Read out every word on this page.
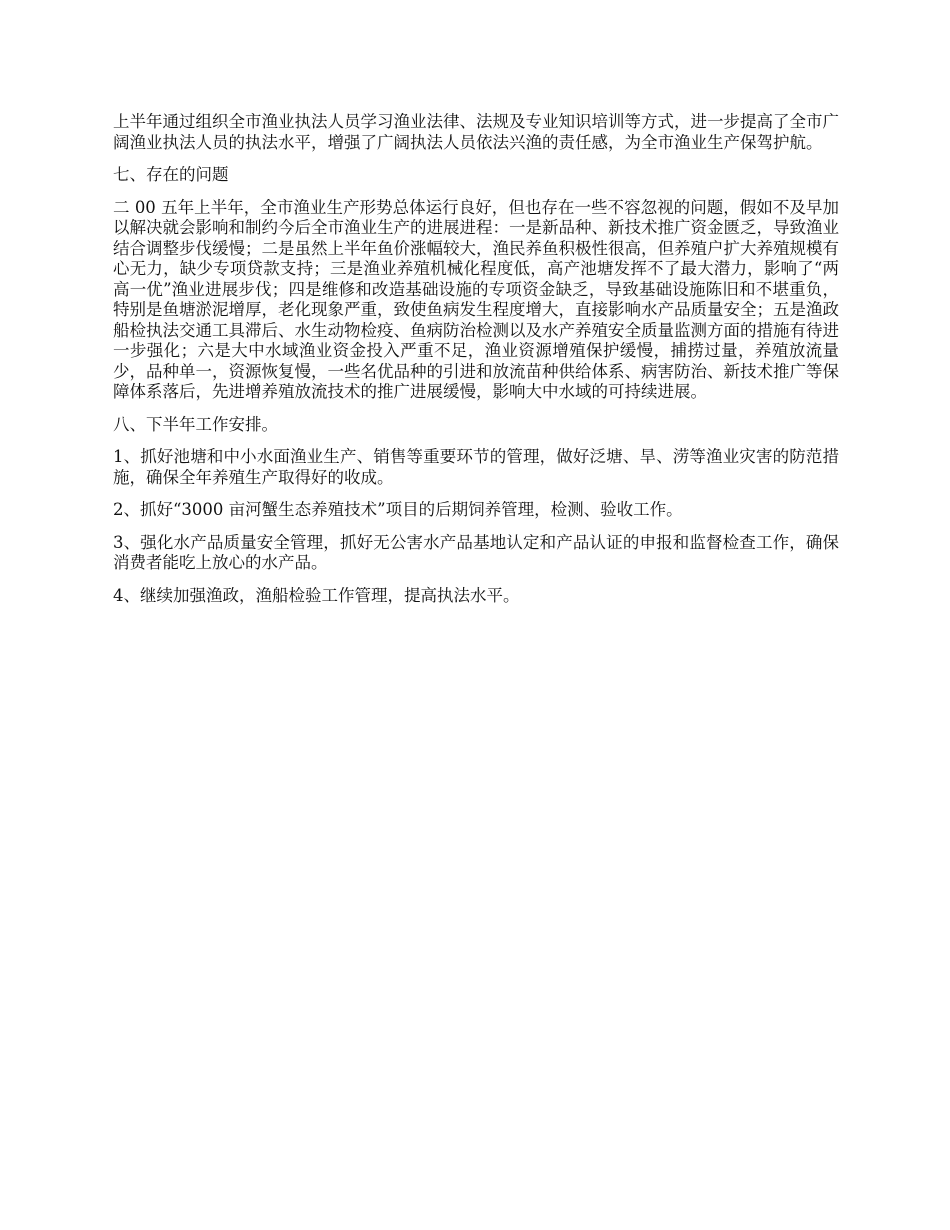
上半年通过组织全市渔业执法人员学习渔业法律、法规及专业知识培训等方式，进一步提高了全市广阔渔业执法人员的执法水平，增强了广阔执法人员依法兴渔的责任感，为全市渔业生产保驾护航。

七、存在的问题

二 00 五年上半年，全市渔业生产形势总体运行良好，但也存在一些不容忽视的问题，假如不及早加以解决就会影响和制约今后全市渔业生产的进展进程：一是新品种、新技术推广资金匮乏，导致渔业结合调整步伐缓慢；二是虽然上半年鱼价涨幅较大，渔民养鱼积极性很高，但养殖户扩大养殖规模有心无力，缺少专项贷款支持；三是渔业养殖机械化程度低，高产池塘发挥不了最大潜力，影响了“两高一优”渔业进展步伐；四是维修和改造基础设施的专项资金缺乏，导致基础设施陈旧和不堪重负，特别是鱼塘淤泥增厚，老化现象严重，致使鱼病发生程度增大，直接影响水产品质量安全；五是渔政船检执法交通工具滞后、水生动物检疫、鱼病防治检测以及水产养殖安全质量监测方面的措施有待进一步强化；六是大中水域渔业资金投入严重不足，渔业资源增殖保护缓慢，捕捞过量，养殖放流量少，品种单一，资源恢复慢，一些名优品种的引进和放流苗种供给体系、病害防治、新技术推广等保障体系落后，先进增养殖放流技术的推广进展缓慢，影响大中水域的可持续进展。

八、下半年工作安排。

1、抓好池塘和中小水面渔业生产、销售等重要环节的管理，做好泛塘、旱、涝等渔业灾害的防范措施，确保全年养殖生产取得好的收成。

2、抓好“3000 亩河蟹生态养殖技术”项目的后期饲养管理，检测、验收工作。

3、强化水产品质量安全管理，抓好无公害水产品基地认定和产品认证的申报和监督检查工作，确保消费者能吃上放心的水产品。

4、继续加强渔政，渔船检验工作管理，提高执法水平。
